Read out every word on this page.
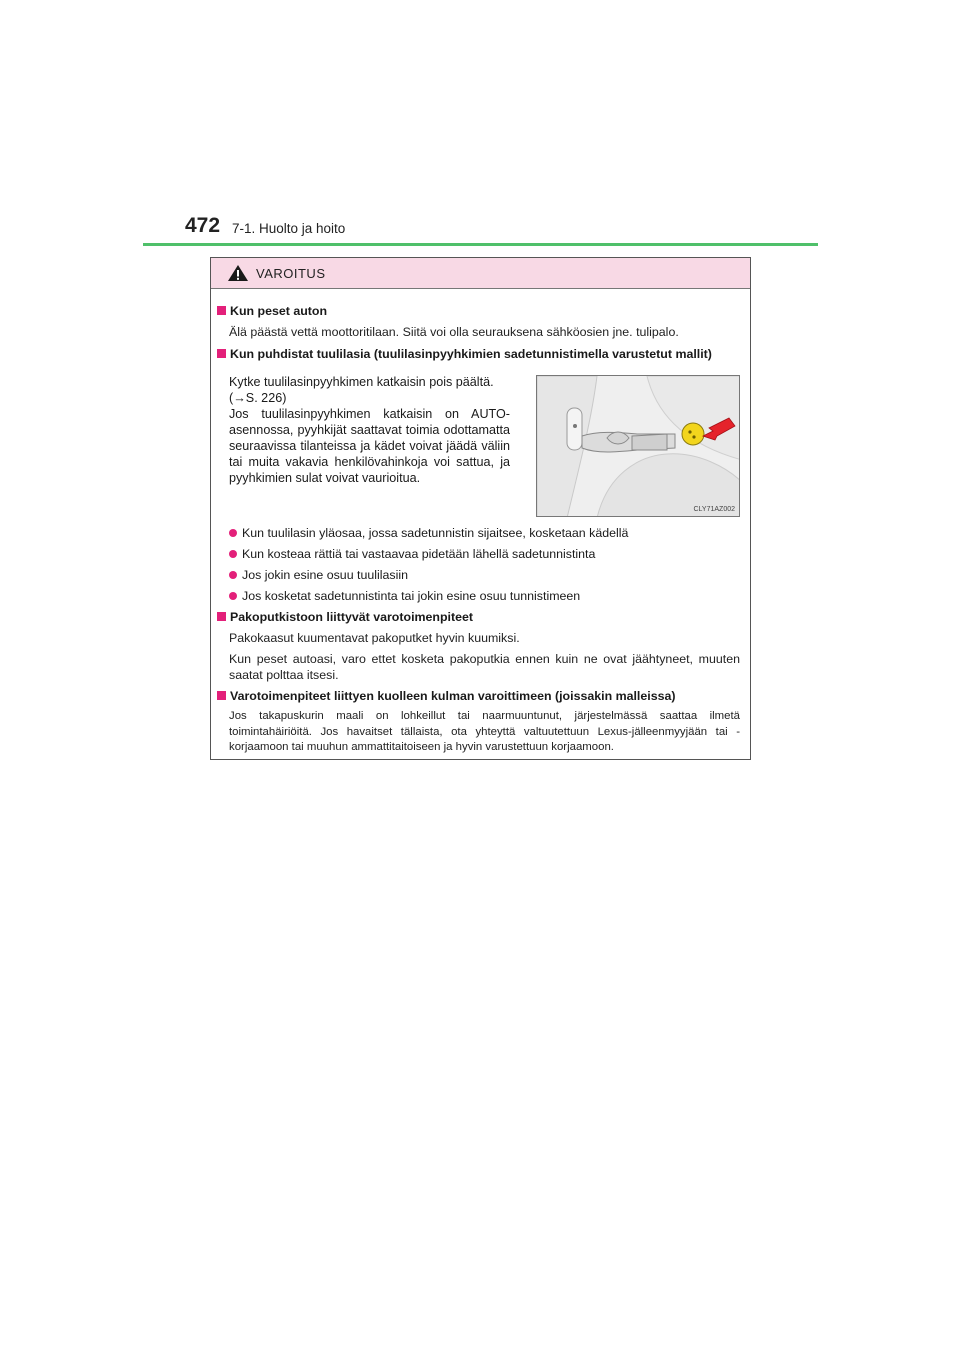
472 7-1. Huolto ja hoito
VAROITUS
Kun peset auton
Älä päästä vettä moottoritilaan. Siitä voi olla seurauksena sähköosien jne. tulipalo.
Kun puhdistat tuulilasia (tuulilasinpyyhkimien sadetunnistimella varustetut mallit)

Kytke tuulilasinpyyhkimen katkaisin pois päältä.

(→S. 226)

Jos tuulilasinpyyhkimen katkaisin on AUTO-asennossa, pyyhkijät saattavat toimia odottamatta seuraavissa tilanteissa ja kädet voivat jäädä väliin tai muita vakavia henkilövahinkoja voi sattua, ja pyyhkimien sulat voivat vaurioitua.

CLY71AZ002
Kun tuulilasin yläosaa, jossa sadetunnistin sijaitsee, kosketaan kädellä
Kun kosteaa rättiä tai vastaavaa pidetään lähellä sadetunnistinta
Jos jokin esine osuu tuulilasiin
Jos kosketat sadetunnistinta tai jokin esine osuu tunnistimeen
Pakoputkistoon liittyvät varotoimenpiteet
Pakokaasut kuumentavat pakoputket hyvin kuumiksi.
Kun peset autoasi, varo ettet kosketa pakoputkia ennen kuin ne ovat jäähtyneet, muuten saatat polttaa itsesi.
Varotoimenpiteet liittyen kuolleen kulman varoittimeen (joissakin malleissa)
Jos takapuskurin maali on lohkeillut tai naarmuuntunut, järjestelmässä saattaa ilmetä toimintahäiriöitä. Jos havaitset tällaista, ota yhteyttä valtuutettuun Lexus-jälleenmyyjään tai -korjaamoon tai muuhun ammattitaitoiseen ja hyvin varustettuun korjaamoon.
